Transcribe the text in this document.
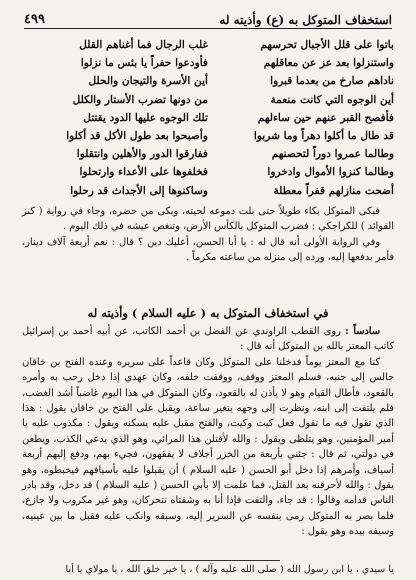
استخفاف المتوكل به (ع) وأذيته له
٤٩٩
باتوا على قلل الأجبال تحرسهم
غلب الرجال فما أغناهم القلل
واستنزلوا بعد عز عن معاقلهم
فأودعوا حفراً يا بئس ما نزلوا
ناداهم صارخ من بعدما قبروا
أين الأسرة والتيجان والحلل
أين الوجوه التي كانت منعمة
من دونها تضرب الأستار والكلل
فأفصح القبر عنهم حين ساءلهم
تلك الوجوه عليها الدود يقتتل
قد طال ما أكلوا دهراً وما شربوا
وأصبحوا بعد طول الأكل قد أكلوا
وطالما عمروا دوراً لتحصنهم
ففارقوا الدور والأهلين وانتقلوا
وطالما كنزوا الأموال وادخروا
فخلفوها على الأعداء وارتحلوا
أضحت منازلهم قفراً معطلة
وساكنوها إلى الأجداث قد رحلوا

فبكى المتوكل بكاء طويلاً حتى بلت دموعه لحيته، وبكى من حضره، وجاء في رواية ( كنز الفوائد ) للكراجكي : فضرب المتوكل بالكأس الأرض، وتنغص عيشه في ذلك اليوم .

وفي الرواية الأولى أنه قال له : يا أبا الحسن، أعليك دين ؟ قال : نعم أربعة آلاف دينار، فأمر بدفعها إليه، ورده إلى منزله من ساعته مكرماً .

في استخفاف المتوكل به ( عليه السلام ) وأذيته له

سادساً : روى القطب الراوندي عن الفضل بن أحمد الكاتب، عن أبيه أحمد بن إسرائيل كاتب المعتز بالله بن المتوكل أنه قال :

كنا مع المعتز يوماً فدخلنا على المتوكل وكان قاعداً على سريره وعنده الفتح بن خاقان جالس إلى جنبه، فسلم المعتز ووقف، ووقفت خلفه، وكان عهدي إذا دخل رحب به وأمره بالقعود، فأطال القيام وهو لا يأذن له بالقعود، وكان المتوكل في هذا اليوم غاضباً أشد الغضب، فلم يلتفت إلى ابنه، ونظرت إلى وجهه يتغير ساعة، ويقبل على الفتح بن خاقان يقول : هذا الذي تقول فيه ما تقول فعل كيت وكيت، والفتح مقبل عليه يسكنه ويقول : مكذوب عليه يا أمير المؤمنين، وهو يتلظى ويقول : والله لأقتلن هذا المرائي، وهو الذي يدعي الكذب، ويطعن في دولتي، ثم قال : جئني بأربعة من الخزر أجلاف لا يفقهون، فجيء بهم، ودفع إليهم أربعة أسياف، وأمرهم إذا دخل أبو الحسن ( عليه السلام ) أن يقبلوا عليه بأسيافهم فيخبطوه، وهو يقول : والله لأحرقنه بعد القتل، فما علمت إلا بأبي الحسن ( عليه السلام ) قد دخل، وقد بادر الناس قدامه وقالوا : قد جاء، والتفت فإذا أنا به وشفتاه تتحركان، وهو غير مكروب ولا جازع، فلما بصر به المتوكل رمى بنفسه عن السرير إليه، وسبقه وانكب عليه فقبل ما بين عينيه، وسيفه بيده وهو يقول :

يا سيدي ، يا ابن رسول الله ( صلى الله عليه وآله ) ، يا خير خلق الله ، يا مولاي يا أبا
